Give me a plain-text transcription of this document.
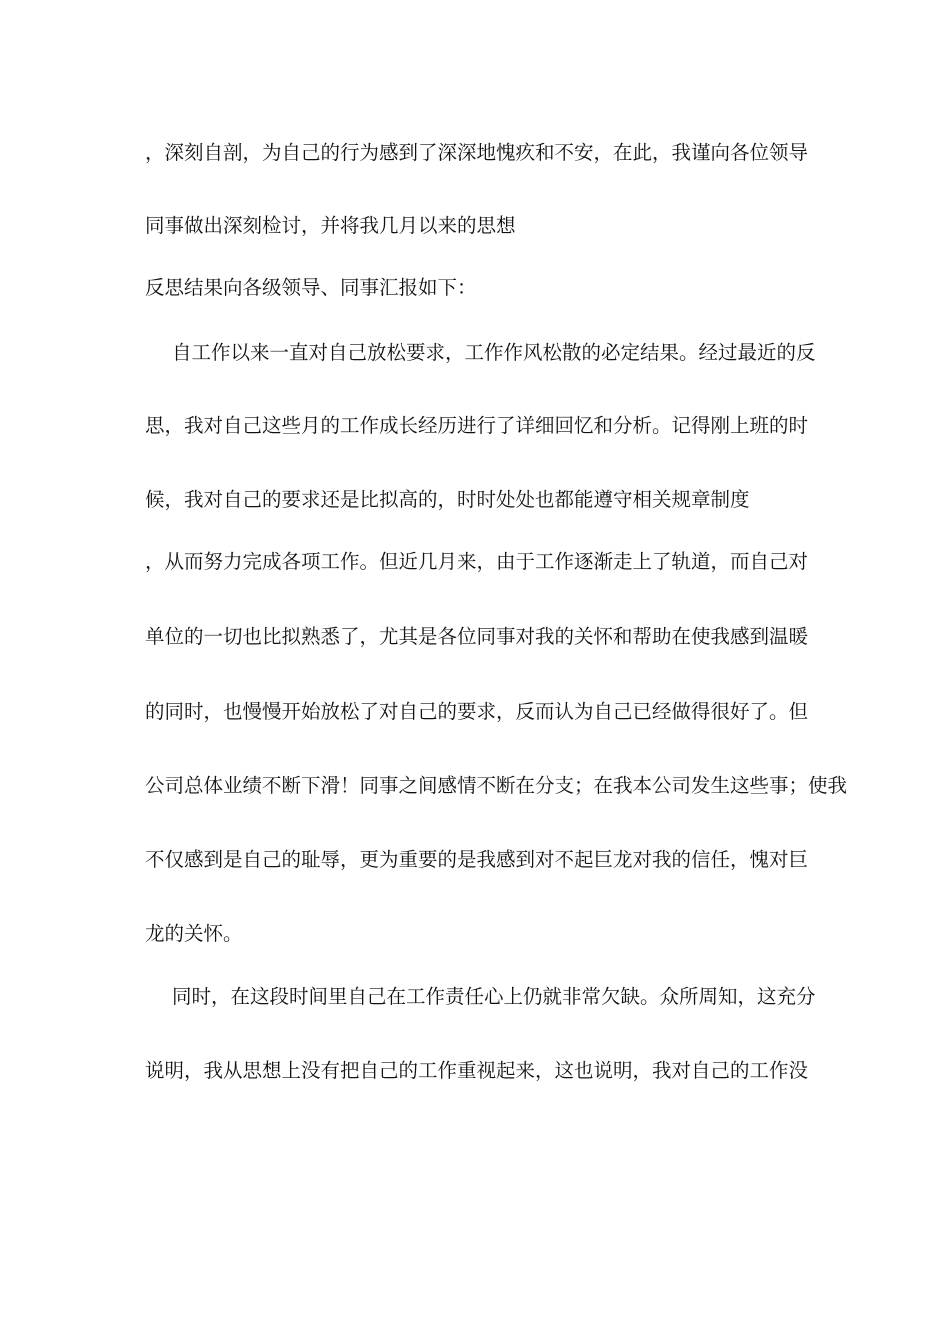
，深刻自剖，为自己的行为感到了深深地愧疚和不安，在此，我谨向各位领导
同事做出深刻检讨，并将我几月以来的思想
反思结果向各级领导、同事汇报如下：
自工作以来一直对自己放松要求，工作作风松散的必定结果。经过最近的反
思，我对自己这些月的工作成长经历进行了详细回忆和分析。记得刚上班的时
候，我对自己的要求还是比拟高的，时时处处也都能遵守相关规章制度
，从而努力完成各项工作。但近几月来，由于工作逐渐走上了轨道，而自己对
单位的一切也比拟熟悉了，尤其是各位同事对我的关怀和帮助在使我感到温暖
的同时，也慢慢开始放松了对自己的要求，反而认为自己已经做得很好了。但
公司总体业绩不断下滑！同事之间感情不断在分支；在我本公司发生这些事；使我
不仅感到是自己的耻辱，更为重要的是我感到对不起巨龙对我的信任，愧对巨
龙的关怀。
同时，在这段时间里自己在工作责任心上仍就非常欠缺。众所周知，这充分
说明，我从思想上没有把自己的工作重视起来，这也说明，我对自己的工作没
